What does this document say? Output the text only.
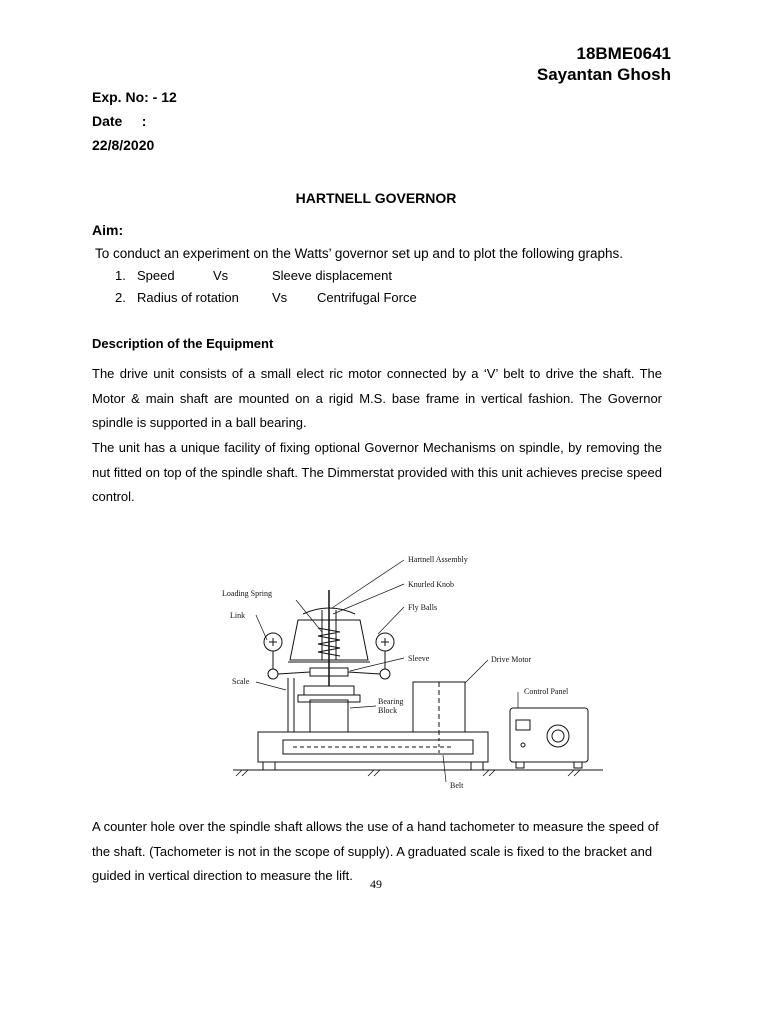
18BME0641
Sayantan Ghosh
Exp. No: - 12
Date     :
22/8/2020
HARTNELL GOVERNOR
Aim:
To conduct an experiment on the Watts’ governor set up and to plot the following graphs.
1. Speed	Vs	Sleeve displacement
2. Radius of rotation	Vs Centrifugal Force
Description of the Equipment
The drive unit consists of a small elect ric motor connected by a ‘V’ belt to drive the shaft. The Motor & main shaft are mounted on a rigid M.S. base frame in vertical fashion. The Governor spindle is supported in a ball bearing.
The unit has a unique facility of fixing optional Governor Mechanisms on spindle, by removing the nut fitted on top of the spindle shaft. The Dimmerstat provided with this unit achieves precise speed control.
Hartnell Assembly
Knurled Knob
Loading Spring
Fly Balls
Link
Sleeve	Drive Motor
Scale
Control Panel
Bearing
Block
Belt
A counter hole over the spindle shaft allows the use of a hand tachometer to measure the speed of the shaft. (Tachometer is not in the scope of supply). A graduated scale is fixed to the bracket and guided in vertical direction to measure the lift.
49
